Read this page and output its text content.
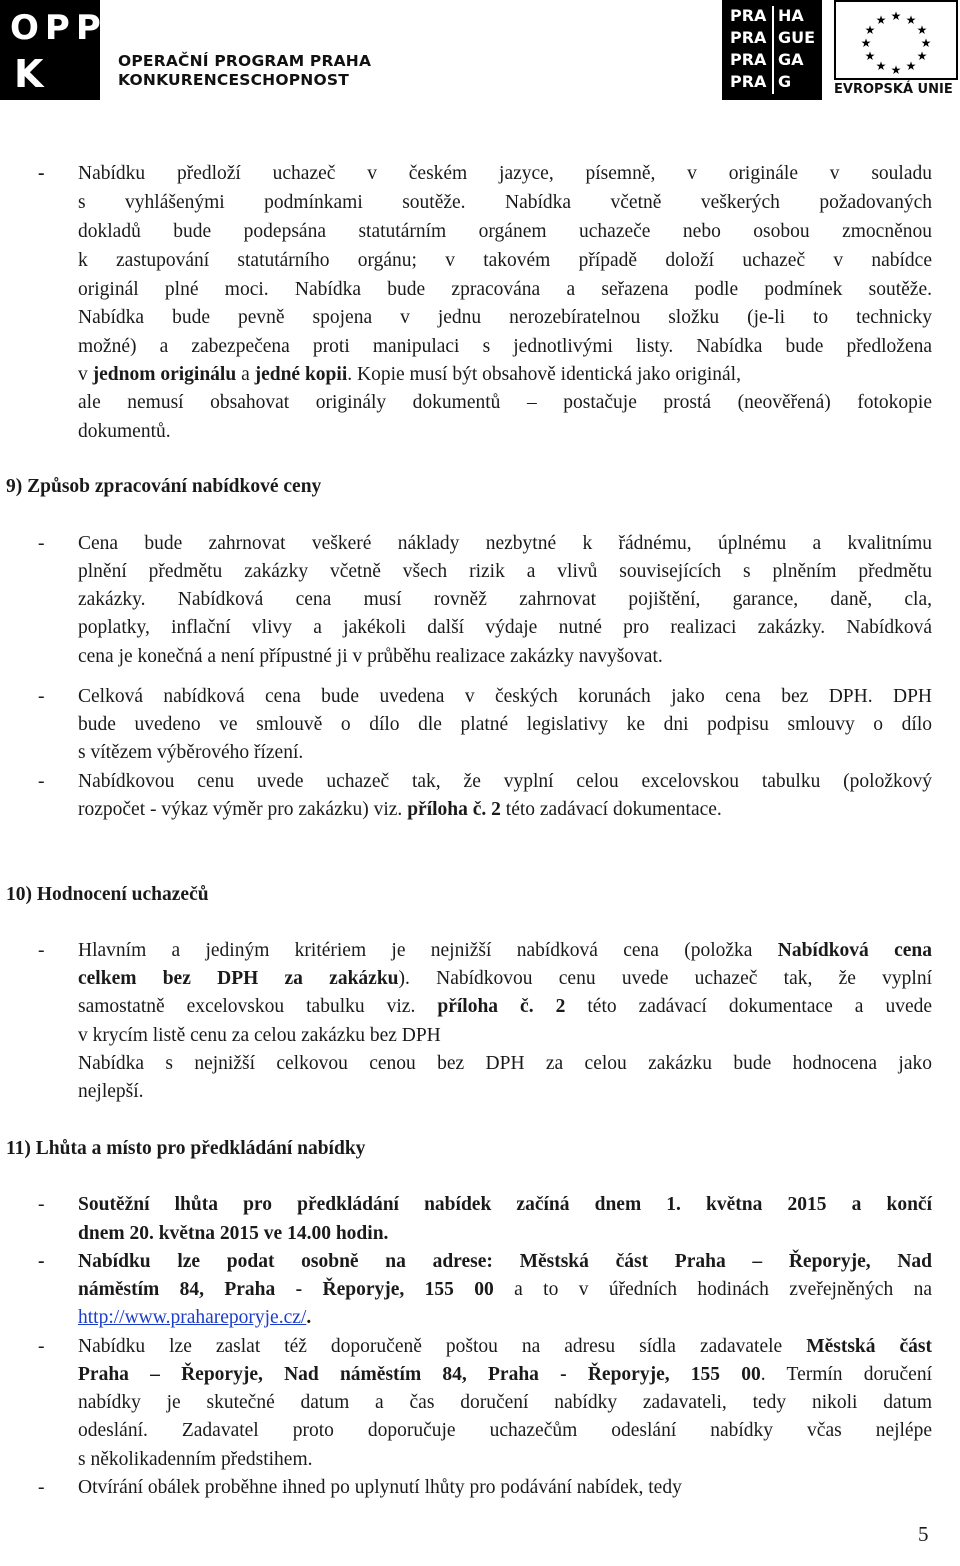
OPP
K	OPERAČNÍ PROGRAM PRAHA
KONKURENCESCHOPNOST
PRA HA
PRA GUE
PRA GA
PRA G
★ ★
★
★
★
★
★
★
★
★
★
★
EVROPSKÁ UNIE
- Nabídku předloží uchazeč v českém jazyce, písemně, v originále v souladu
s vyhlášenými podmínkami soutěže. Nabídka včetně veškerých požadovaných
dokladů bude podepsána statutárním orgánem uchazeče nebo osobou zmocněnou
k zastupování statutárního orgánu; v takovém případě doloží uchazeč v nabídce
originál plné moci. Nabídka bude zpracována a seřazena podle podmínek soutěže.
Nabídka bude pevně spojena v jednu nerozebíratelnou složku (je-li to technicky
možné) a zabezpečena proti manipulaci s jednotlivými listy. Nabídka bude předložena
v jednom originálu a jedné kopii. Kopie musí být obsahově identická jako originál,
ale nemusí obsahovat originály dokumentů – postačuje prostá (neověřená) fotokopie
dokumentů.
9) Způsob zpracování nabídkové ceny
- Cena bude zahrnovat veškeré náklady nezbytné k řádnému, úplnému a kvalitnímu
plnění předmětu zakázky včetně všech rizik a vlivů souvisejících s plněním předmětu
zakázky. Nabídková cena musí rovněž zahrnovat pojištění, garance, daně, cla,
poplatky, inflační vlivy a jakékoli další výdaje nutné pro realizaci zakázky. Nabídková
cena je konečná a není přípustné ji v průběhu realizace zakázky navyšovat.
- Celková nabídková cena bude uvedena v českých korunách jako cena bez DPH. DPH
bude uvedeno ve smlouvě o dílo dle platné legislativy ke dni podpisu smlouvy o dílo
s vítězem výběrového řízení.
- Nabídkovou cenu uvede uchazeč tak, že vyplní celou excelovskou tabulku (položkový
rozpočet - výkaz výměr pro zakázku) viz. příloha č. 2 této zadávací dokumentace.
10) Hodnocení uchazečů
- Hlavním a jediným kritériem je nejnižší nabídková cena (položka Nabídková cena
celkem bez DPH za zakázku). Nabídkovou cenu uvede uchazeč tak, že vyplní
samostatně excelovskou tabulku viz. příloha č. 2 této zadávací dokumentace a uvede
v krycím listě cenu za celou zakázku bez DPH
Nabídka s nejnižší celkovou cenou bez DPH za celou zakázku bude hodnocena jako
nejlepší.
11) Lhůta a místo pro předkládání nabídky
- Soutěžní lhůta pro předkládání nabídek začíná dnem 1. května 2015 a končí
dnem 20. května 2015 ve 14.00 hodin.
- Nabídku lze podat osobně na adrese: Městská část Praha – Řeporyje, Nad
náměstím 84, Praha - Řeporyje, 155 00 a to v úředních hodinách zveřejněných na
http://www.prahareporyje.cz/.
- Nabídku lze zaslat též doporučeně poštou na adresu sídla zadavatele Městská část
Praha – Řeporyje, Nad náměstím 84, Praha - Řeporyje, 155 00. Termín doručení
nabídky je skutečné datum a čas doručení nabídky zadavateli, tedy nikoli datum
odeslání. Zadavatel proto doporučuje uchazečům odeslání nabídky včas nejlépe
s několikadenním předstihem.
- Otvírání obálek proběhne ihned po uplynutí lhůty pro podávání nabídek, tedy
5
